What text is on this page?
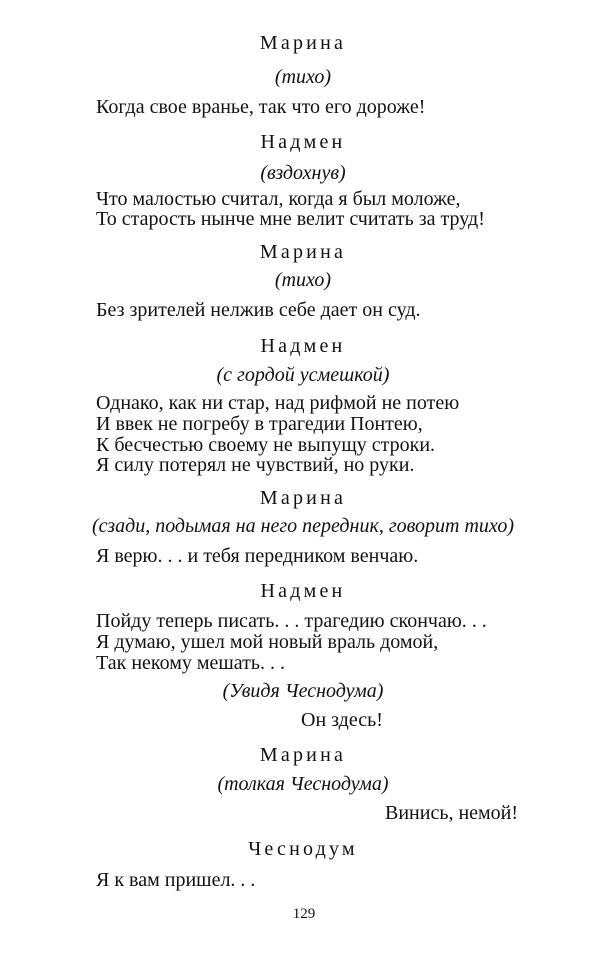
Марина
(тихо)
Когда свое вранье, так что его дороже!
Надмен
(вздохнув)
Что малостью считал, когда я был моложе,
То старость нынче мне велит считать за труд!
Марина
(тихо)
Без зрителей нелжив себе дает он суд.
Надмен
(с гордой усмешкой)
Однако, как ни стар, над рифмой не потею
И ввек не погребу в трагедии Понтею,
К бесчестью своему не выпущу строки.
Я силу потерял не чувствий, но руки.
Марина
(сзади, подымая на него передник, говорит тихо)
Я верю. . . и тебя передником венчаю.
Надмен
Пойду теперь писать. . . трагедию скончаю. . .
Я думаю, ушел мой новый враль домой,
Так некому мешать. . .
(Увидя Чеснодума)
Он здесь!
Марина
(толкая Чеснодума)
Винись, немой!
Чеснодум
Я к вам пришел. . .
129
